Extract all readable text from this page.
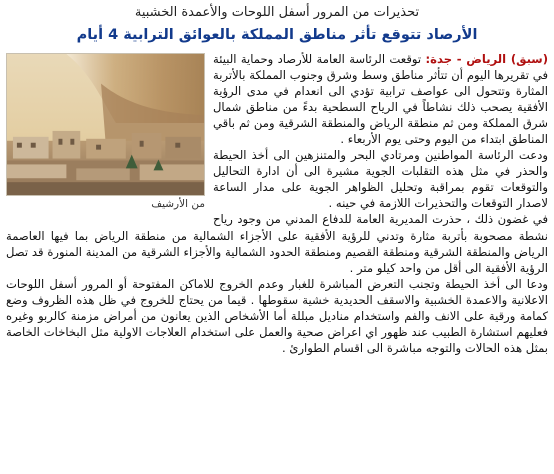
تحذيرات من المرور أسفل اللوحات والأعمدة الخشبية

الأرصاد تتوقع تأثر مناطق المملكة بالعوائق الترابية 4 أيام
من الأرشيف

(سبق) الرياض - جدة: توقعت الرئاسة العامة للأرصاد وحماية البيئة في تقريرها اليوم أن تتأثر مناطق وسط وشرق وجنوب المملكة بالأتربة المثارة وتتحول الى عواصف ترابية تؤدي الى انعدام في مدى الرؤية الأفقية يصحب ذلك نشاطاً في الرياح السطحية بدءً من مناطق شمال شرق المملكة ومن ثم منطقة الرياض والمنطقة الشرقية ومن ثم باقي المناطق ابتداء من اليوم وحتى يوم الأربعاء .

ودعت الرئاسة المواطنين ومرتادي البحر والمتنزهين الى أخذ الحيطة والحذر في مثل هذه التقلبات الجوية مشيرة الى أن ادارة التحاليل والتوقعات تقوم بمراقبة وتحليل الظواهر الجوية على مدار الساعة لاصدار التوقعات والتحذيرات اللازمة في حينه .

في غضون ذلك ، حذرت المديرية العامة للدفاع المدني من وجود رياح نشطة مصحوبة بأتربة مثارة وتدني للرؤية الأفقية على الأجزاء الشمالية من منطقة الرياض بما فيها العاصمة الرياض والمنطقة الشرقية ومنطقة القصيم ومنطقة الحدود الشمالية والأجزاء الشرقية من المدينة المنورة قد تصل الرؤية الأفقية الى أقل من واحد كيلو متر .

ودعا الى أخذ الحيطة وتجنب التعرض المباشرة للغبار وعدم الخروج للاماكن المفتوحة أو المرور أسفل اللوحات الاعلانية والاعمدة الخشبية والاسقف الحديدية خشية سقوطها . قيما من يحتاج للخروج في ظل هذه الظروف وضع كمامة ورقية على الانف والفم واستخدام مناديل مبللة أما الأشخاص الذين يعانون من أمراض مزمنة كالربو وغيره فعليهم استشارة الطبيب عند ظهور اي اعراض صحية والعمل على استخدام العلاجات الاولية مثل البخاخات الخاصة بمثل هذه الحالات والتوجه مباشرة الى اقسام الطوارئ .
